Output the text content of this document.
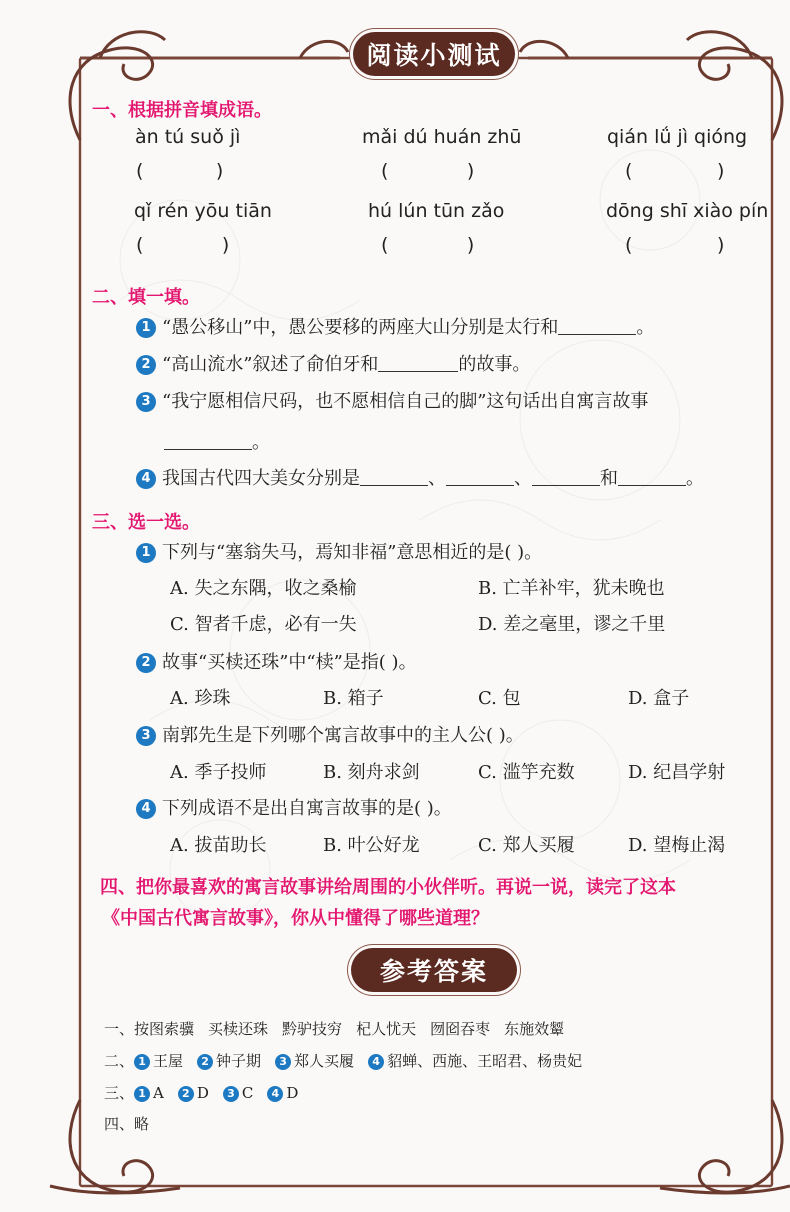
阅读小测试
一、根据拼音填成语。
àn tú suǒ jì	mǎi dú huán zhū	qián lǘ jì qióng
(            )	(             )	(              )
qǐ rén yōu tiān	hú lún tūn zǎo	dōng shī xiào pín
(             )	(             )	(              )
二、填一填。
1 “愚公移山”中，愚公要移的两座大山分别是太行和	。
2 “高山流水”叙述了俞伯牙和	的故事。
3 “我宁愿相信尺码，也不愿相信自己的脚”这句话出自寓言故事
。
4 我国古代四大美女分别是	、	、	和	。
三、选一选。
1 下列与“塞翁失马，焉知非福”意思相近的是( )。
A. 失之东隅，收之桑榆	B. 亡羊补牢，犹未晚也
C. 智者千虑，必有一失	D. 差之毫里，谬之千里
2 故事“买椟还珠”中“椟”是指( )。
A. 珍珠	B. 箱子	C. 包	D. 盒子
3 南郭先生是下列哪个寓言故事中的主人公( )。
A. 季子投师	B. 刻舟求剑	C. 滥竽充数	D. 纪昌学射
4 下列成语不是出自寓言故事的是( )。
A. 拔苗助长	B. 叶公好龙	C. 郑人买履	D. 望梅止渴
四、把你最喜欢的寓言故事讲给周围的小伙伴听。再说一说，读完了这本
《中国古代寓言故事》，你从中懂得了哪些道理？
参考答案
一、按图索骥 买椟还珠 黔驴技穷 杞人忧天 囫囵吞枣 东施效颦
二、 1 王屋 2 钟子期 3 郑人买履 4 貂蝉、西施、王昭君、杨贵妃
三、 1 A 2 D 3 C 4 D
四、略
